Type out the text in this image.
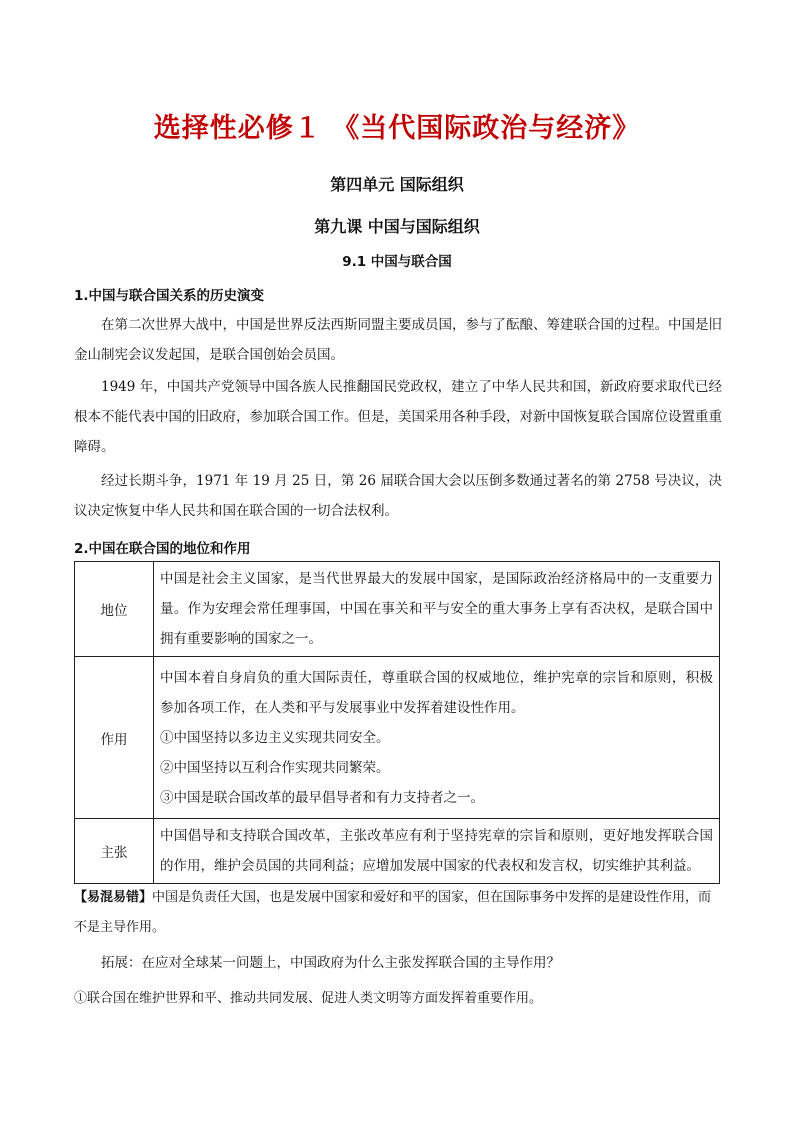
选择性必修１ 《当代国际政治与经济》
第四单元 国际组织
第九课 中国与国际组织
9.1 中国与联合国
1.中国与联合国关系的历史演变
在第二次世界大战中，中国是世界反法西斯同盟主要成员国，参与了酝酿、筹建联合国的过程。中国是旧金山制宪会议发起国，是联合国创始会员国。
1949 年，中国共产党领导中国各族人民推翻国民党政权，建立了中华人民共和国，新政府要求取代已经根本不能代表中国的旧政府，参加联合国工作。但是，美国采用各种手段，对新中国恢复联合国席位设置重重障碍。
经过长期斗争，1971 年 19 月 25 日，第 26 届联合国大会以压倒多数通过著名的第 2758 号决议，决议决定恢复中华人民共和国在联合国的一切合法权利。
2.中国在联合国的地位和作用
地位	中国是社会主义国家，是当代世界最大的发展中国家，是国际政治经济格局中的一支重要力量。作为安理会常任理事国，中国在事关和平与安全的重大事务上享有否决权，是联合国中拥有重要影响的国家之一。
作用	中国本着自身肩负的重大国际责任，尊重联合国的权威地位，维护宪章的宗旨和原则，积极参加各项工作，在人类和平与发展事业中发挥着建设性作用。

①中国坚持以多边主义实现共同安全。

②中国坚持以互利合作实现共同繁荣。

③中国是联合国改革的最早倡导者和有力支持者之一。

主张	中国倡导和支持联合国改革，主张改革应有利于坚持宪章的宗旨和原则，更好地发挥联合国的作用，维护会员国的共同利益；应增加发展中国家的代表权和发言权，切实维护其利益。
【易混易错】中国是负责任大国，也是发展中国家和爱好和平的国家，但在国际事务中发挥的是建设性作用，而不是主导作用。
拓展：在应对全球某一问题上，中国政府为什么主张发挥联合国的主导作用？
①联合国在维护世界和平、推动共同发展、促进人类文明等方面发挥着重要作用。
